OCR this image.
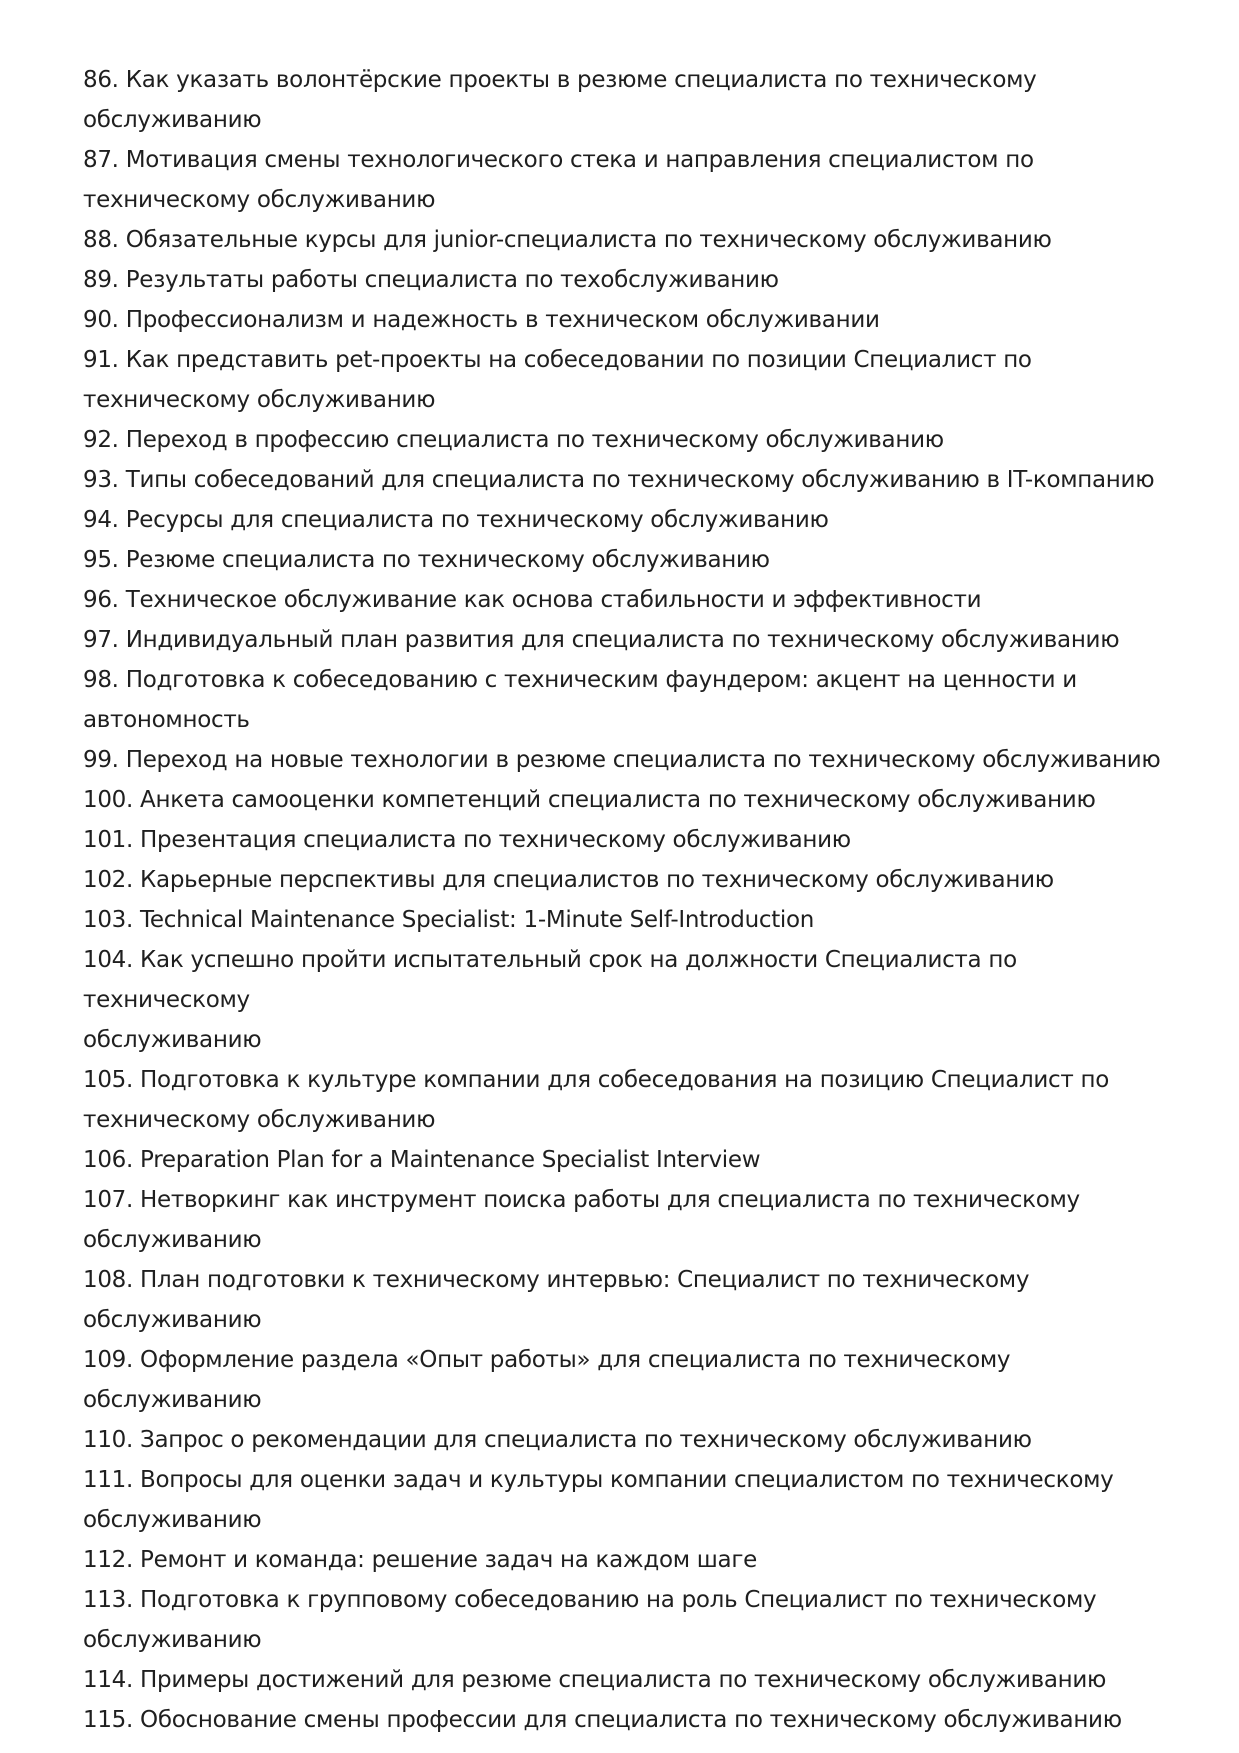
86. Как указать волонтёрские проекты в резюме специалиста по техническому
обслуживанию
87. Мотивация смены технологического стека и направления специалистом по
техническому обслуживанию
88. Обязательные курсы для junior-специалиста по техническому обслуживанию
89. Результаты работы специалиста по техобслуживанию
90. Профессионализм и надежность в техническом обслуживании
91. Как представить pet-проекты на собеседовании по позиции Специалист по
техническому обслуживанию
92. Переход в профессию специалиста по техническому обслуживанию
93. Типы собеседований для специалиста по техническому обслуживанию в IT-компанию
94. Ресурсы для специалиста по техническому обслуживанию
95. Резюме специалиста по техническому обслуживанию
96. Техническое обслуживание как основа стабильности и эффективности
97. Индивидуальный план развития для специалиста по техническому обслуживанию
98. Подготовка к собеседованию с техническим фаундером: акцент на ценности и
автономность
99. Переход на новые технологии в резюме специалиста по техническому обслуживанию
100. Анкета самооценки компетенций специалиста по техническому обслуживанию
101. Презентация специалиста по техническому обслуживанию
102. Карьерные перспективы для специалистов по техническому обслуживанию
103. Technical Maintenance Specialist: 1-Minute Self-Introduction
104. Как успешно пройти испытательный срок на должности Специалиста по техническому
обслуживанию
105. Подготовка к культуре компании для собеседования на позицию Специалист по
техническому обслуживанию
106. Preparation Plan for a Maintenance Specialist Interview
107. Нетворкинг как инструмент поиска работы для специалиста по техническому
обслуживанию
108. План подготовки к техническому интервью: Специалист по техническому
обслуживанию
109. Оформление раздела «Опыт работы» для специалиста по техническому обслуживанию
110. Запрос о рекомендации для специалиста по техническому обслуживанию
111. Вопросы для оценки задач и культуры компании специалистом по техническому
обслуживанию
112. Ремонт и команда: решение задач на каждом шаге
113. Подготовка к групповому собеседованию на роль Специалист по техническому
обслуживанию
114. Примеры достижений для резюме специалиста по техническому обслуживанию
115. Обоснование смены профессии для специалиста по техническому обслуживанию
